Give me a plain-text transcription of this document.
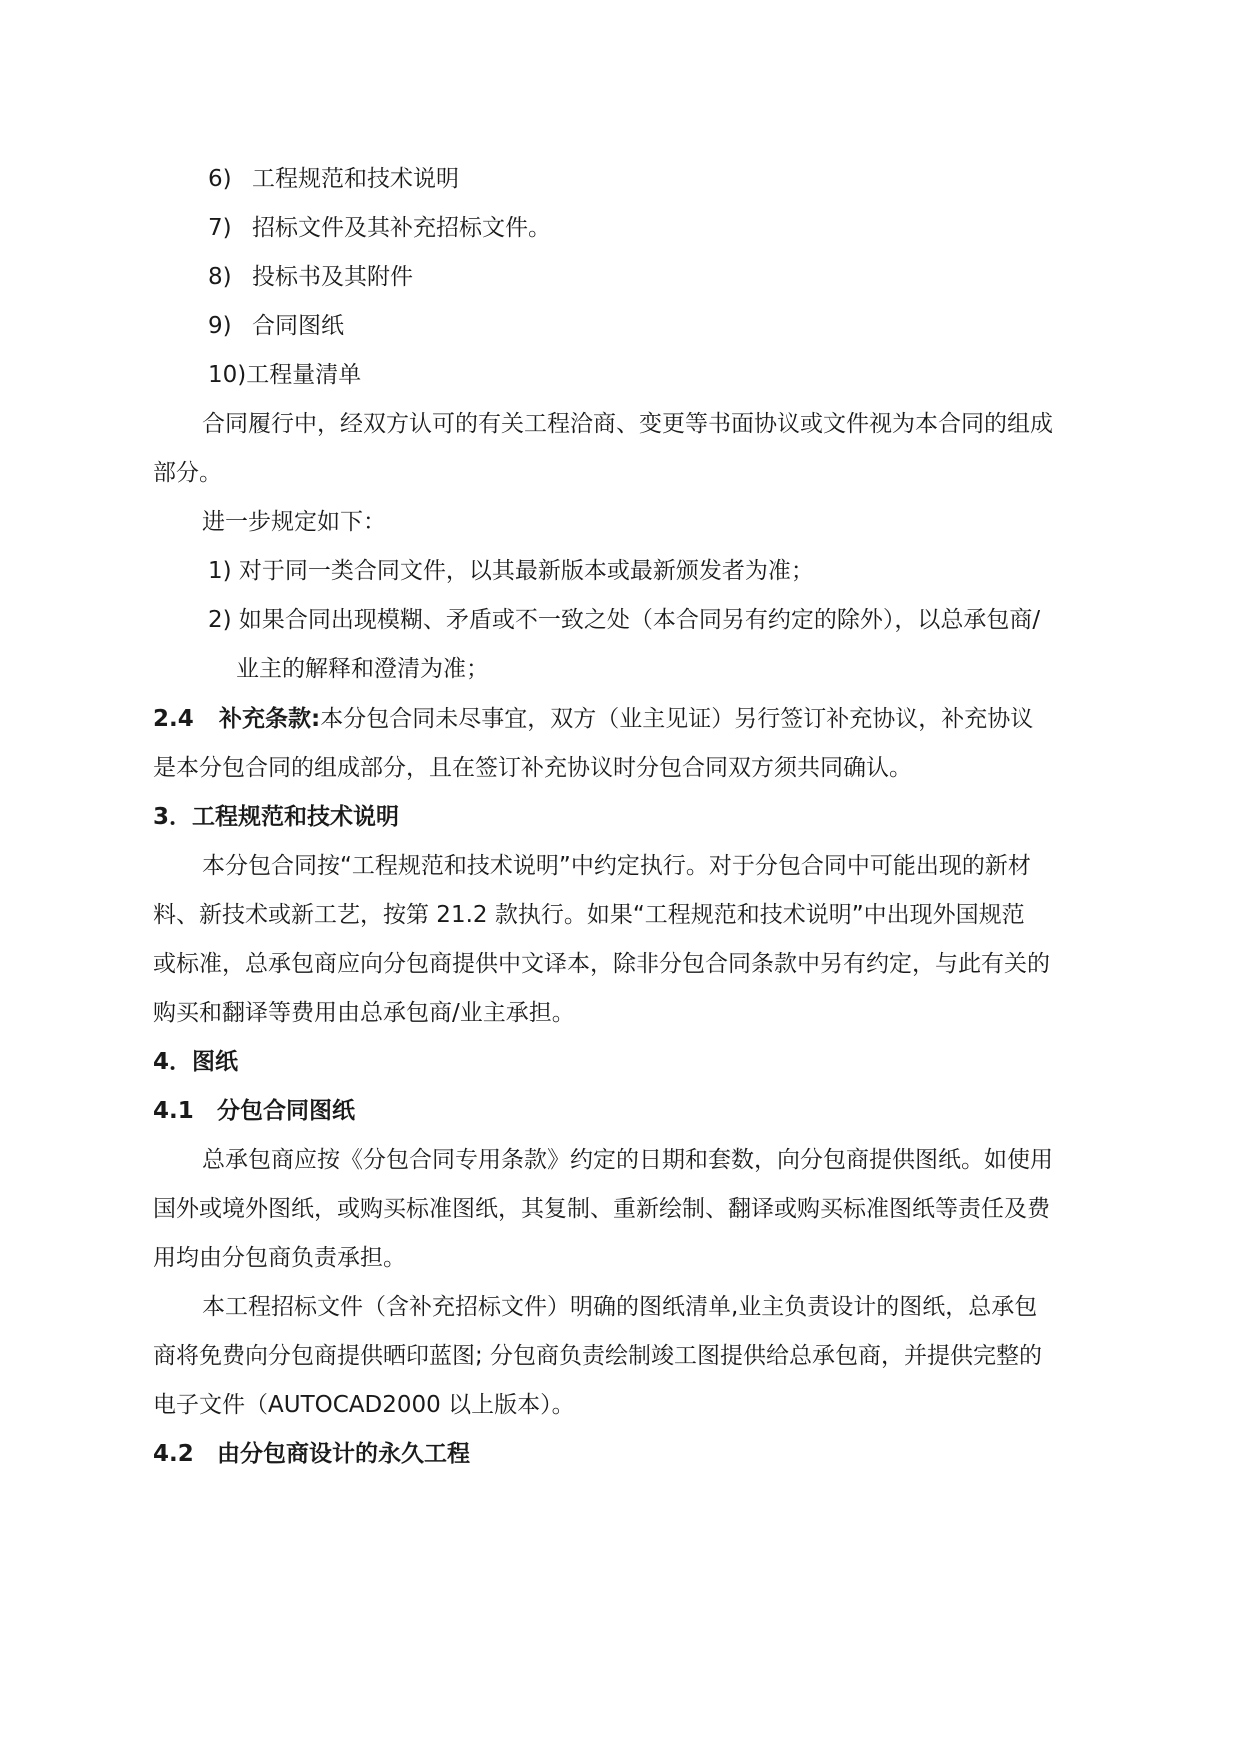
6) 工程规范和技术说明
7) 招标文件及其补充招标文件。
8) 投标书及其附件
9) 合同图纸
10)工程量清单
合同履行中，经双方认可的有关工程洽商、变更等书面协议或文件视为本合同的组成
部分。
进一步规定如下：
1) 对于同一类合同文件，以其最新版本或最新颁发者为准；
2) 如果合同出现模糊、矛盾或不一致之处（本合同另有约定的除外），以总承包商/
业主的解释和澄清为准；
2.4 补充条款:本分包合同未尽事宜，双方（业主见证）另行签订补充协议，补充协议
是本分包合同的组成部分，且在签订补充协议时分包合同双方须共同确认。
3．工程规范和技术说明
本分包合同按“工程规范和技术说明”中约定执行。对于分包合同中可能出现的新材
料、新技术或新工艺，按第 21.2 款执行。如果“工程规范和技术说明”中出现外国规范
或标准，总承包商应向分包商提供中文译本，除非分包合同条款中另有约定，与此有关的
购买和翻译等费用由总承包商/业主承担。
4．图纸
4.1 分包合同图纸
总承包商应按《分包合同专用条款》约定的日期和套数，向分包商提供图纸。如使用
国外或境外图纸，或购买标准图纸，其复制、重新绘制、翻译或购买标准图纸等责任及费
用均由分包商负责承担。
本工程招标文件（含补充招标文件）明确的图纸清单,业主负责设计的图纸，总承包
商将免费向分包商提供晒印蓝图; 分包商负责绘制竣工图提供给总承包商，并提供完整的
电子文件（AUTOCAD2000 以上版本）。
4.2 由分包商设计的永久工程
